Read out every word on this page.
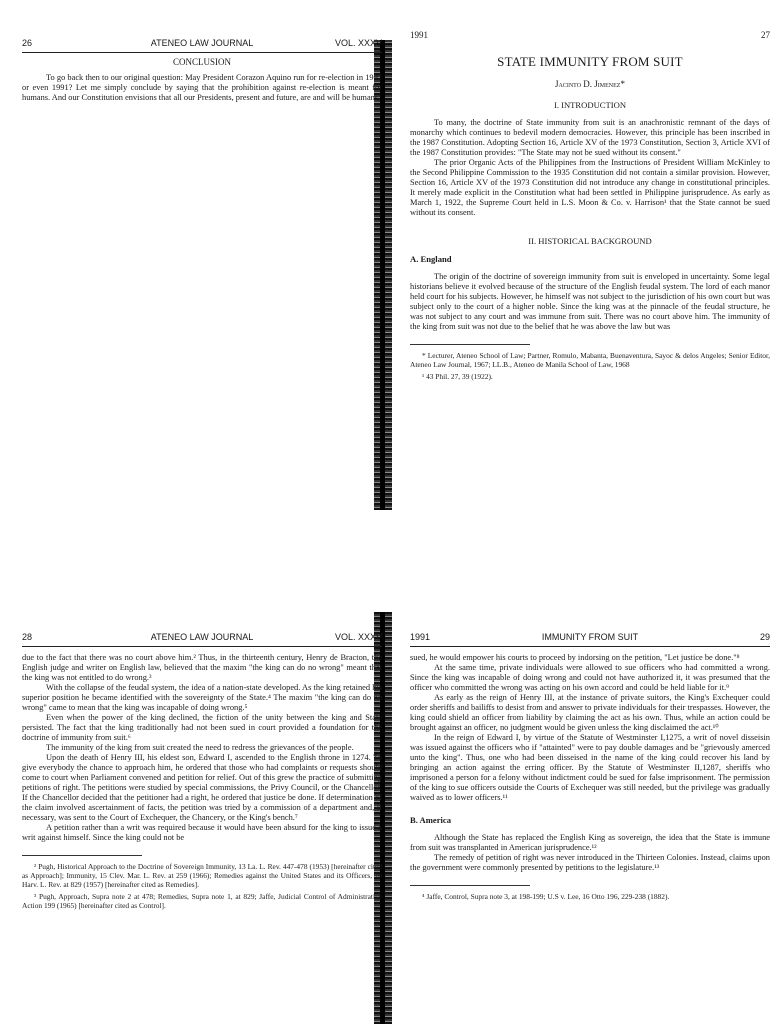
26	ATENEO LAW JOURNAL	VOL. XXXV
CONCLUSION

To go back then to our original question: May President Corazon Aquino run for re-election in 1992 or even 1991? Let me simply conclude by saying that the prohibition against re-election is meant for humans. And our Constitution envisions that all our Presidents, present and future, are and will be humans.

1991	27
STATE IMMUNITY FROM SUIT
Jacinto D. Jimenez*
I. INTRODUCTION

To many, the doctrine of State immunity from suit is an anachronistic remnant of the days of monarchy which continues to bedevil modern democracies. However, this principle has been inscribed in the 1987 Constitution. Adopting Section 16, Article XV of the 1973 Constitution, Section 3, Article XVI of the 1987 Constitution provides: "The State may not be sued without its consent."

The prior Organic Acts of the Philippines from the Instructions of President William McKinley to the Second Philippine Commission to the 1935 Constitution did not contain a similar provision. However, Section 16, Article XV of the 1973 Constitution did not introduce any change in constitutional principles. It merely made explicit in the Constitution what had been settled in Philippine jurisprudence. As early as March 1, 1922, the Supreme Court held in L.S. Moon & Co. v. Harrison¹ that the State cannot be sued without its consent.

II. HISTORICAL BACKGROUND
A. England

The origin of the doctrine of sovereign immunity from suit is enveloped in uncertainty. Some legal historians believe it evolved because of the structure of the English feudal system. The lord of each manor held court for his subjects. However, he himself was not subject to the jurisdiction of his own court but was subject only to the court of a higher noble. Since the king was at the pinnacle of the feudal structure, he was not subject to any court and was immune from suit. There was no court above him. The immunity of the king from suit was not due to the belief that he was above the law but was

* Lecturer, Ateneo School of Law; Partner, Romulo, Mabanta, Buenaventura, Sayoc & delos Angeles; Senior Editor, Ateneo Law Journal, 1967; LL.B., Ateneo de Manila School of Law, 1968

¹ 43 Phil. 27, 39 (1922).

28	ATENEO LAW JOURNAL	VOL. XXXV

due to the fact that there was no court above him.² Thus, in the thirteenth century, Henry de Bracton, the English judge and writer on English law, believed that the maxim "the king can do no wrong" meant that the king was not entitled to do wrong.³

With the collapse of the feudal system, the idea of a nation-state developed. As the king retained his superior position he became identified with the sovereignty of the State.⁴ The maxim "the king can do no wrong" came to mean that the king was incapable of doing wrong.⁵

Even when the power of the king declined, the fiction of the unity between the king and State persisted. The fact that the king traditionally had not been sued in court provided a foundation for the doctrine of immunity from suit.⁶

The immunity of the king from suit created the need to redress the grievances of the people.

Upon the death of Henry III, his eldest son, Edward I, ascended to the English throne in 1274. To give everybody the chance to approach him, he ordered that those who had complaints or requests should come to court when Parliament convened and petition for relief. Out of this grew the practice of submitting petitions of right. The petitions were studied by special commissions, the Privy Council, or the Chancellor. If the Chancellor decided that the petitioner had a right, he ordered that justice be done. If determination of the claim involved ascertainment of facts, the petition was tried by a commission of a department and, if necessary, was sent to the Court of Exchequer, the Chancery, or the King's bench.⁷

A petition rather than a writ was required because it would have been absurd for the king to issue a writ against himself. Since the king could not be

² Pugh, Historical Approach to the Doctrine of Sovereign Immunity, 13 La. L. Rev. 447-478 (1953) [hereinafter cited as Approach]; Immunity, 15 Clev. Mar. L. Rev. at 259 (1966); Remedies against the United States and its Officers, 70 Harv. L. Rev. at 829 (1957) [hereinafter cited as Remedies].

³ Pugh, Approach, Supra note 2 at 478; Remedies, Supra note 1, at 829; Jaffe, Judicial Control of Administrative Action 199 (1965) [hereinafter cited as Control].

1991	IMMUNITY FROM SUIT	29

sued, he would empower his courts to proceed by indorsing on the petition, "Let justice be done."⁸

At the same time, private individuals were allowed to sue officers who had committed a wrong. Since the king was incapable of doing wrong and could not have authorized it, it was presumed that the officer who committed the wrong was acting on his own accord and could be held liable for it.⁹

As early as the reign of Henry III, at the instance of private suitors, the King's Exchequer could order sheriffs and bailiffs to desist from and answer to private individuals for their trespasses. However, the king could shield an officer from liability by claiming the act as his own. Thus, while an action could be brought against an officer, no judgment would be given unless the king disclaimed the act.¹⁰

In the reign of Edward I, by virtue of the Statute of Westminster I,1275, a writ of novel disseisin was issued against the officers who if "attainted" were to pay double damages and be "grievously amerced unto the king". Thus, one who had been disseised in the name of the king could recover his land by bringing an action against the erring officer. By the Statute of Westminster II,1287, sheriffs who imprisoned a person for a felony without indictment could be sued for false imprisonment. The permission of the king to sue officers outside the Courts of Exchequer was still needed, but the privilege was gradually waived as to lower officers.¹¹

B. America

Although the State has replaced the English King as sovereign, the idea that the State is immune from suit was transplanted in American jurisprudence.¹²

The remedy of petition of right was never introduced in the Thirteen Colonies. Instead, claims upon the government were commonly presented by petitions to the legislature.¹³

⁴ Jaffe, Control, Supra note 3, at 198-199; U.S v. Lee, 16 Otto 196, 229-238 (1882).
